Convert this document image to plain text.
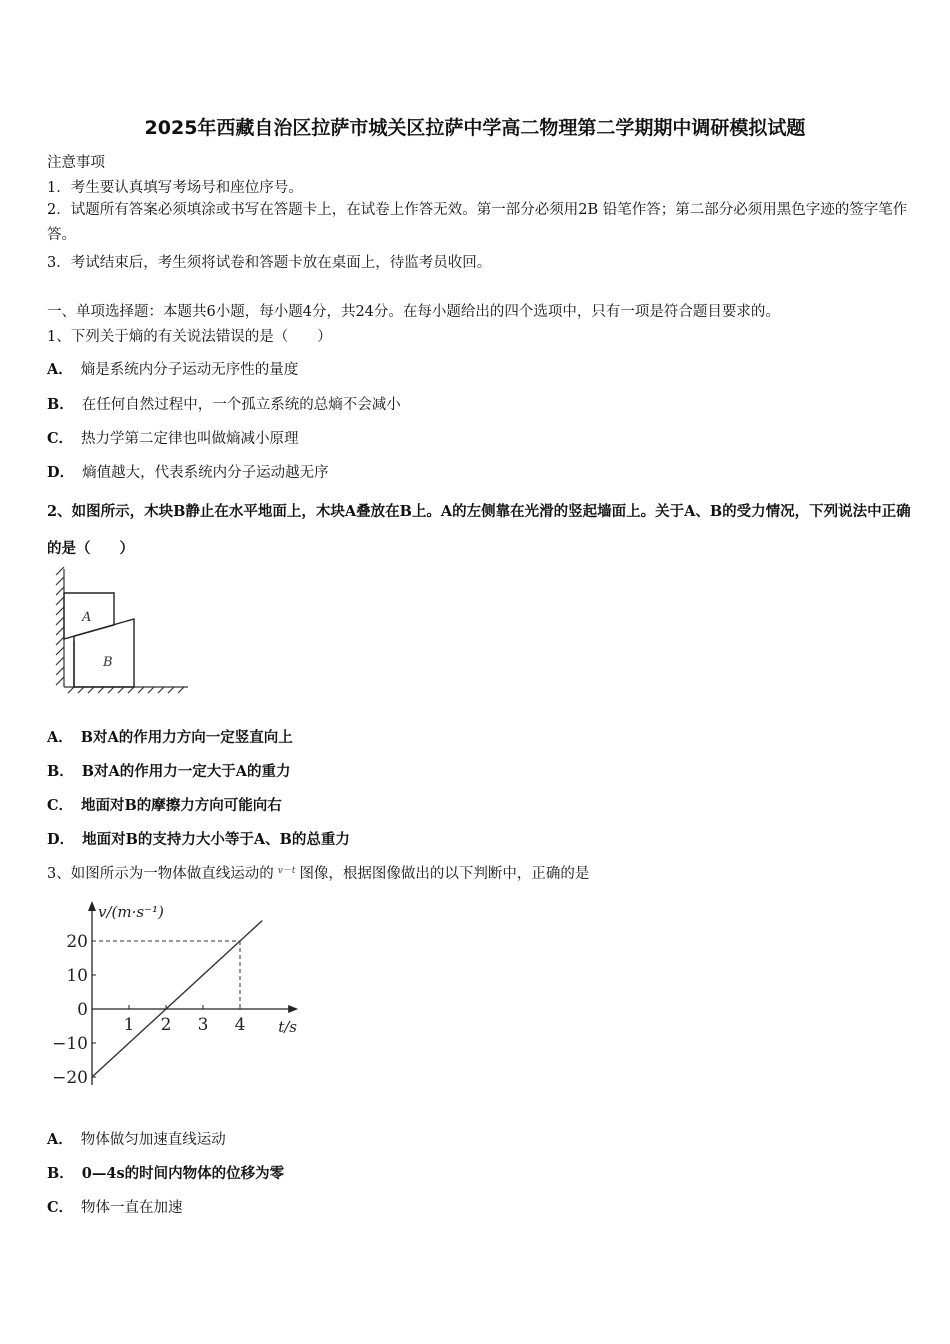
2025年西藏自治区拉萨市城关区拉萨中学高二物理第二学期期中调研模拟试题
注意事项
1．考生要认真填写考场号和座位序号。
2．试题所有答案必须填涂或书写在答题卡上，在试卷上作答无效。第一部分必须用2B 铅笔作答；第二部分必须用黑色字迹的签字笔作答。
3．考试结束后，考生须将试卷和答题卡放在桌面上，待监考员收回。
一、单项选择题：本题共6小题，每小题4分，共24分。在每小题给出的四个选项中，只有一项是符合题目要求的。
1、下列关于熵的有关说法错误的是（　　）
A． 熵是系统内分子运动无序性的量度
B． 在任何自然过程中，一个孤立系统的总熵不会减小
C． 热力学第二定律也叫做熵减小原理
D． 熵值越大，代表系统内分子运动越无序
2、如图所示，木块B静止在水平地面上，木块A叠放在B上。A的左侧靠在光滑的竖起墙面上。关于A、B的受力情况，下列说法中正确的是（　　）
A
B
A． B对A的作用力方向一定竖直向上
B． B对A的作用力一定大于A的重力
C． 地面对B的摩擦力方向可能向右
D． 地面对B的支持力大小等于A、B的总重力
3、如图所示为一物体做直线运动的 v－t 图像，根据图像做出的以下判断中，正确的是
v/(m·s⁻¹)
t/s
20
10
0
−10
−20
1 2 3 4
A． 物体做匀加速直线运动
B． 0—4s的时间内物体的位移为零
C． 物体一直在加速
